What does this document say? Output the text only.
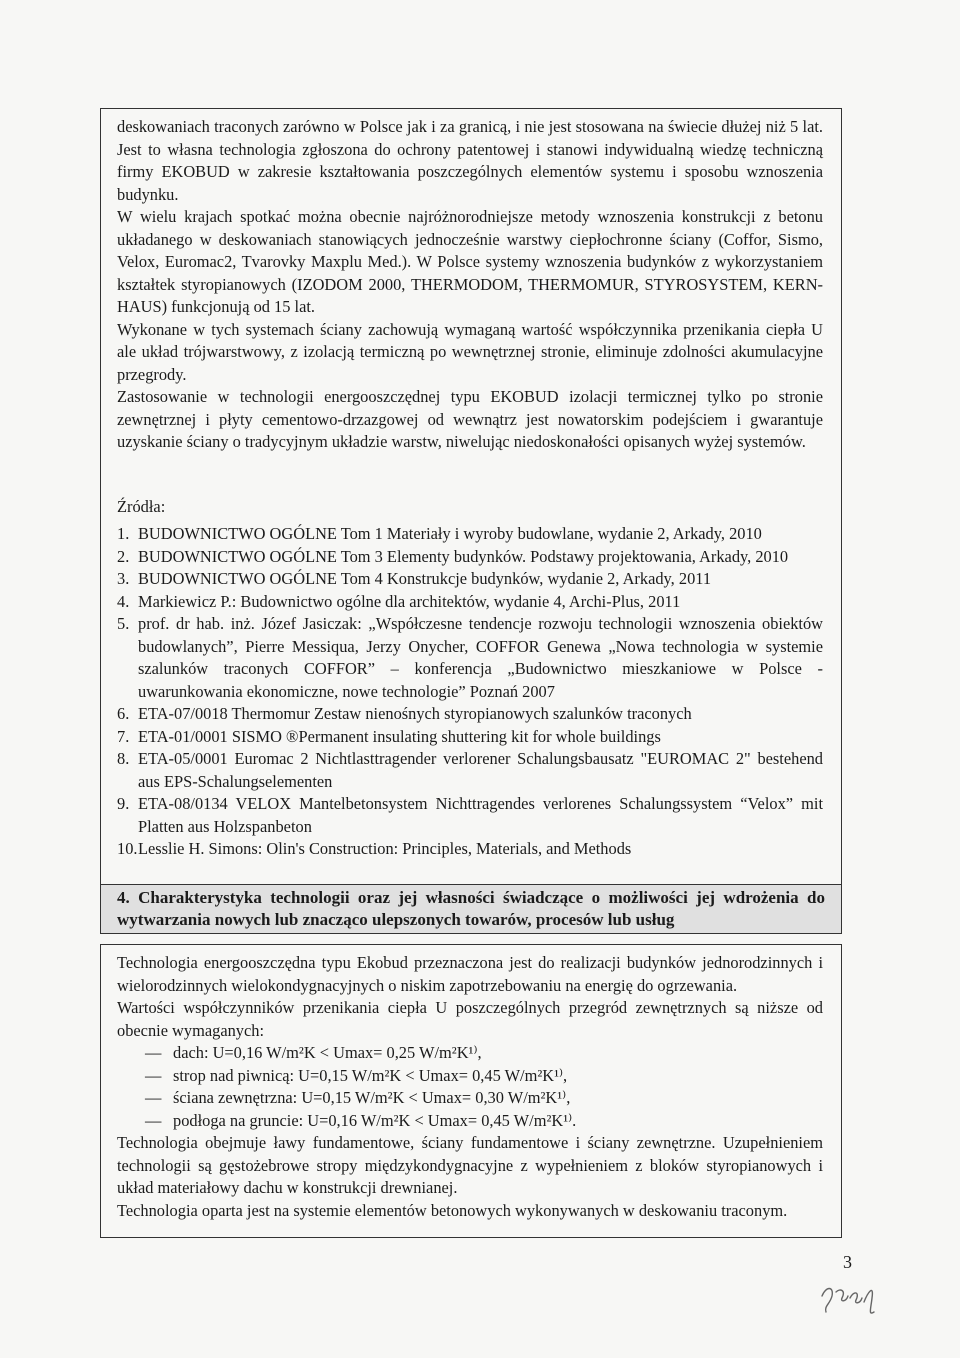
deskowaniach traconych zarówno w Polsce jak i za granicą, i nie jest stosowana na świecie dłużej niż 5 lat. Jest to własna technologia zgłoszona do ochrony patentowej i stanowi indywidualną wiedzę techniczną firmy EKOBUD w zakresie kształtowania poszczególnych elementów systemu i sposobu wznoszenia budynku.

W wielu krajach spotkać można obecnie najróżnorodniejsze metody wznoszenia konstrukcji z betonu układanego w deskowaniach stanowiących jednocześnie warstwy ciepłochronne ściany (Coffor, Sismo, Velox, Euromac2, Tvarovky Maxplu Med.). W Polsce systemy wznoszenia budynków z wykorzystaniem kształtek styropianowych (IZODOM 2000, THERMODOM, THERMOMUR, STYROSYSTEM, KERN-HAUS) funkcjonują od 15 lat.

Wykonane w tych systemach ściany zachowują wymaganą wartość współczynnika przenikania ciepła U ale układ trójwarstwowy, z izolacją termiczną po wewnętrznej stronie, eliminuje zdolności akumulacyjne przegrody.

Zastosowanie w technologii energooszczędnej typu EKOBUD izolacji termicznej tylko po stronie zewnętrznej i płyty cementowo-drzazgowej od wewnątrz jest nowatorskim podejściem i gwarantuje uzyskanie ściany o tradycyjnym układzie warstw, niwelując niedoskonałości opisanych wyżej systemów.

Źródła:
1. BUDOWNICTWO OGÓLNE Tom 1 Materiały i wyroby budowlane, wydanie 2, Arkady, 2010
2. BUDOWNICTWO OGÓLNE Tom 3 Elementy budynków. Podstawy projektowania, Arkady, 2010
3. BUDOWNICTWO OGÓLNE Tom 4 Konstrukcje budynków, wydanie 2, Arkady, 2011
4. Markiewicz P.: Budownictwo ogólne dla architektów, wydanie 4, Archi-Plus, 2011
5. prof. dr hab. inż. Józef Jasiczak: „Współczesne tendencje rozwoju technologii wznoszenia obiektów budowlanych”, Pierre Messiqua, Jerzy Onycher, COFFOR Genewa „Nowa technologia w systemie szalunków traconych COFFOR” – konferencja „Budownictwo mieszkaniowe w Polsce - uwarunkowania ekonomiczne, nowe technologie” Poznań 2007
6. ETA-07/0018 Thermomur Zestaw nienośnych styropianowych szalunków traconych
7. ETA-01/0001 SISMO ®Permanent insulating shuttering kit for whole buildings
8. ETA-05/0001 Euromac 2 Nichtlasttragender verlorener Schalungsbausatz "EUROMAC 2" bestehend aus EPS-Schalungselementen
9. ETA-08/0134 VELOX Mantelbetonsystem Nichttragendes verlorenes Schalungssystem “Velox” mit Platten aus Holzspanbeton
10. Lesslie H. Simons: Olin's Construction: Principles, Materials, and Methods
4. Charakterystyka technologii oraz jej własności świadczące o możliwości jej wdrożenia do wytwarzania nowych lub znacząco ulepszonych towarów, procesów lub usług

Technologia energooszczędna typu Ekobud przeznaczona jest do realizacji budynków jednorodzinnych i wielorodzinnych wielokondygnacyjnych o niskim zapotrzebowaniu na energię do ogrzewania.

Wartości współczynników przenikania ciepła U poszczególnych przegród zewnętrznych są niższe od obecnie wymaganych:

— dach: U=0,16 W/m²K < Umax= 0,25 W/m²K¹⁾,
— strop nad piwnicą: U=0,15 W/m²K < Umax= 0,45 W/m²K¹⁾,
— ściana zewnętrzna: U=0,15 W/m²K < Umax= 0,30 W/m²K¹⁾,
— podłoga na gruncie: U=0,16 W/m²K < Umax= 0,45 W/m²K¹⁾.

Technologia obejmuje ławy fundamentowe, ściany fundamentowe i ściany zewnętrzne. Uzupełnieniem technologii są gęstożebrowe stropy międzykondygnacyjne z wypełnieniem z bloków styropianowych i układ materiałowy dachu w konstrukcji drewnianej.

Technologia oparta jest na systemie elementów betonowych wykonywanych w deskowaniu traconym.

3
